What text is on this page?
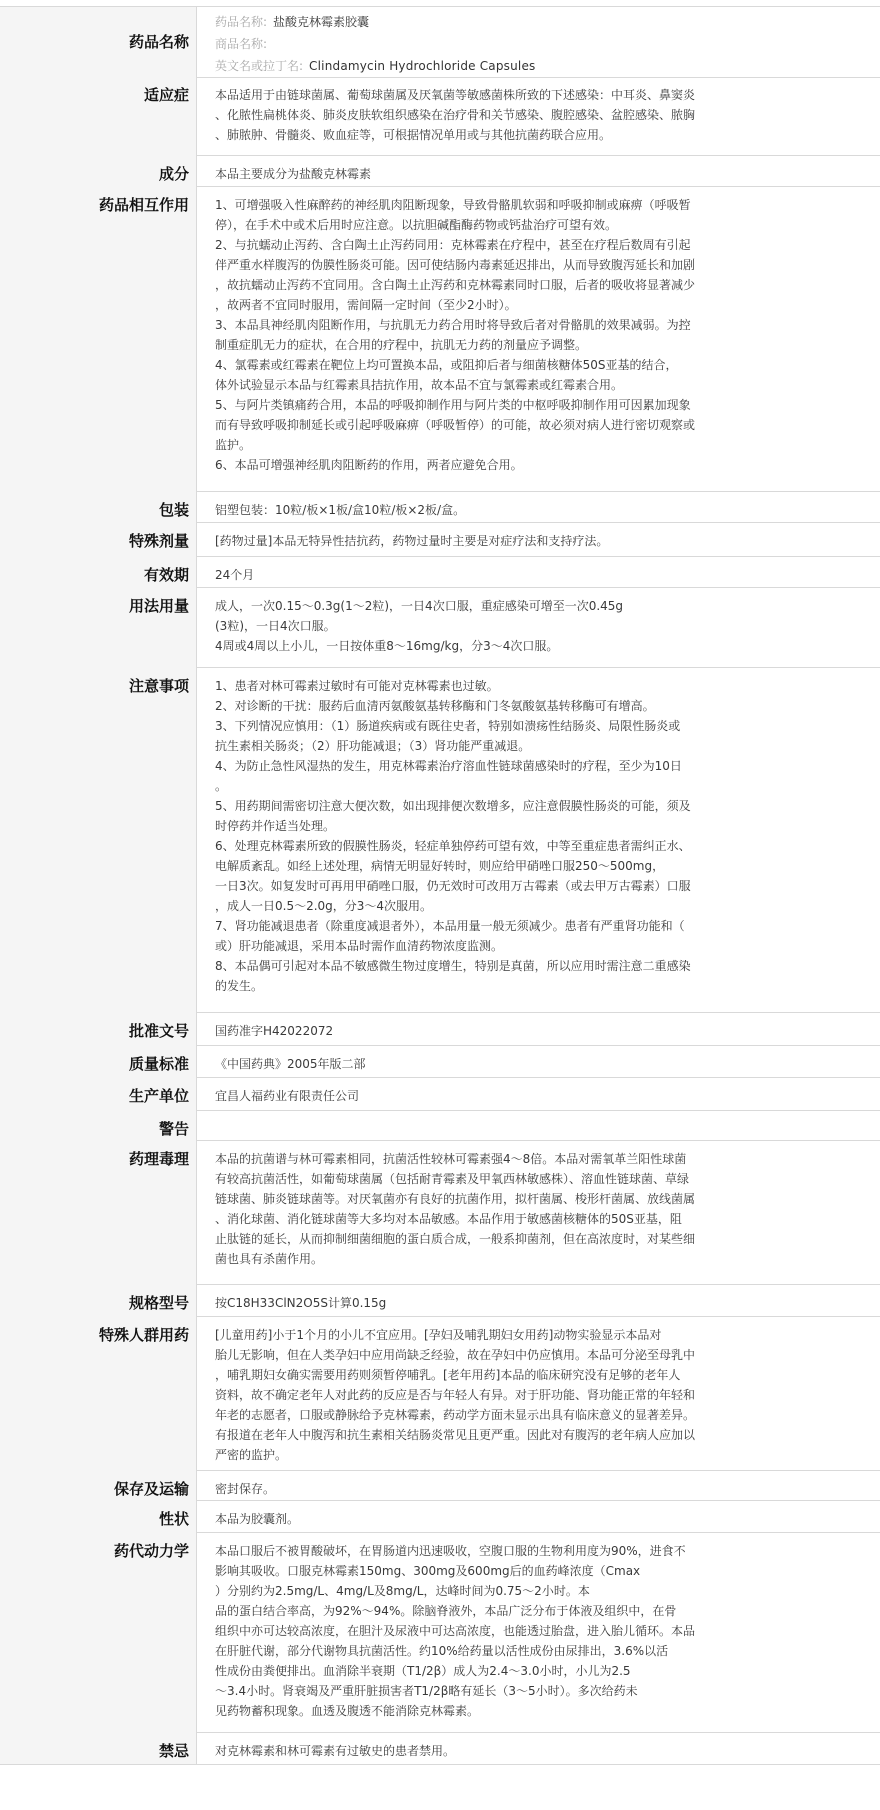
药品名称
药品名称: 盐酸克林霉素胶囊
商品名称:
英文名或拉丁名: Clindamycin Hydrochloride Capsules
适应症	本品适用于由链球菌属、葡萄球菌属及厌氧菌等敏感菌株所致的下述感染：中耳炎、鼻窦炎
、化脓性扁桃体炎、肺炎皮肤软组织感染在治疗骨和关节感染、腹腔感染、盆腔感染、脓胸
、肺脓肿、骨髓炎、败血症等，可根据情况单用或与其他抗菌药联合应用。
成分	本品主要成分为盐酸克林霉素
药品相互作用	1、可增强吸入性麻醉药的神经肌肉阻断现象，导致骨骼肌软弱和呼吸抑制或麻痹（呼吸暂
停），在手术中或术后用时应注意。以抗胆碱酯酶药物或钙盐治疗可望有效。
2、与抗蠕动止泻药、含白陶土止泻药同用：克林霉素在疗程中，甚至在疗程后数周有引起
伴严重水样腹泻的伪膜性肠炎可能。因可使结肠内毒素延迟排出，从而导致腹泻延长和加剧
，故抗蠕动止泻药不宜同用。含白陶土止泻药和克林霉素同时口服，后者的吸收将显著减少
，故两者不宜同时服用，需间隔一定时间（至少2小时）。
3、本品具神经肌肉阻断作用，与抗肌无力药合用时将导致后者对骨骼肌的效果减弱。为控
制重症肌无力的症状，在合用的疗程中，抗肌无力药的剂量应予调整。
4、氯霉素或红霉素在靶位上均可置换本品，或阻抑后者与细菌核糖体50S亚基的结合，
体外试验显示本品与红霉素具拮抗作用，故本品不宜与氯霉素或红霉素合用。
5、与阿片类镇痛药合用，本品的呼吸抑制作用与阿片类的中枢呼吸抑制作用可因累加现象
而有导致呼吸抑制延长或引起呼吸麻痹（呼吸暂停）的可能，故必须对病人进行密切观察或
监护。
6、本品可增强神经肌肉阻断药的作用，两者应避免合用。
包装	铝塑包装：10粒/板×1板/盒10粒/板×2板/盒。
特殊剂量	[药物过量]本品无特异性拮抗药，药物过量时主要是对症疗法和支持疗法。
有效期	24个月
用法用量	成人，一次0.15～0.3g(1～2粒)，一日4次口服，重症感染可增至一次0.45g
(3粒)，一日4次口服。
4周或4周以上小儿，一日按体重8～16mg/kg，分3～4次口服。
注意事项	1、患者对林可霉素过敏时有可能对克林霉素也过敏。
2、对诊断的干扰：服药后血清丙氨酸氨基转移酶和门冬氨酸氨基转移酶可有增高。
3、下列情况应慎用：（1）肠道疾病或有既往史者，特别如溃疡性结肠炎、局限性肠炎或
抗生素相关肠炎；（2）肝功能减退；（3）肾功能严重减退。
4、为防止急性风湿热的发生，用克林霉素治疗溶血性链球菌感染时的疗程，至少为10日
。
5、用药期间需密切注意大便次数，如出现排便次数增多，应注意假膜性肠炎的可能，须及
时停药并作适当处理。
6、处理克林霉素所致的假膜性肠炎，轻症单独停药可望有效，中等至重症患者需纠正水、
电解质紊乱。如经上述处理，病情无明显好转时，则应给甲硝唑口服250～500mg，
一日3次。如复发时可再用甲硝唑口服，仍无效时可改用万古霉素（或去甲万古霉素）口服
，成人一日0.5～2.0g，分3～4次服用。
7、肾功能减退患者（除重度减退者外），本品用量一般无须减少。患者有严重肾功能和（
或）肝功能减退，采用本品时需作血清药物浓度监测。
8、本品偶可引起对本品不敏感微生物过度增生，特别是真菌，所以应用时需注意二重感染
的发生。
批准文号	国药准字H42022072
质量标准	《中国药典》2005年版二部
生产单位	宜昌人福药业有限责任公司
警告
药理毒理	本品的抗菌谱与林可霉素相同，抗菌活性较林可霉素强4～8倍。本品对需氧革兰阳性球菌
有较高抗菌活性，如葡萄球菌属（包括耐青霉素及甲氧西林敏感株）、溶血性链球菌、草绿
链球菌、肺炎链球菌等。对厌氧菌亦有良好的抗菌作用，拟杆菌属、梭形杆菌属、放线菌属
、消化球菌、消化链球菌等大多均对本品敏感。本品作用于敏感菌核糖体的50S亚基，阻
止肽链的延长，从而抑制细菌细胞的蛋白质合成，一般系抑菌剂，但在高浓度时，对某些细
菌也具有杀菌作用。
规格型号	按C18H33ClN2O5S计算0.15g
特殊人群用药	[儿童用药]小于1个月的小儿不宜应用。[孕妇及哺乳期妇女用药]动物实验显示本品对
胎儿无影响，但在人类孕妇中应用尚缺乏经验，故在孕妇中仍应慎用。本品可分泌至母乳中
，哺乳期妇女确实需要用药则须暂停哺乳。[老年用药]本品的临床研究没有足够的老年人
资料，故不确定老年人对此药的反应是否与年轻人有异。对于肝功能、肾功能正常的年轻和
年老的志愿者，口服或静脉给予克林霉素，药动学方面未显示出具有临床意义的显著差异。
有报道在老年人中腹泻和抗生素相关结肠炎常见且更严重。因此对有腹泻的老年病人应加以
严密的监护。
保存及运输	密封保存。
性状	本品为胶囊剂。
药代动力学	本品口服后不被胃酸破坏，在胃肠道内迅速吸收，空腹口服的生物利用度为90%，进食不
影响其吸收。口服克林霉素150mg、300mg及600mg后的血药峰浓度（Cmax
）分别约为2.5mg/L、4mg/L及8mg/L，达峰时间为0.75～2小时。本
品的蛋白结合率高，为92%～94%。除脑脊液外，本品广泛分布于体液及组织中，在骨
组织中亦可达较高浓度，在胆汁及尿液中可达高浓度，也能透过胎盘，进入胎儿循环。本品
在肝脏代谢，部分代谢物具抗菌活性。约10%给药量以活性成份由尿排出，3.6%以活
性成份由粪便排出。血消除半衰期（T1/2β）成人为2.4～3.0小时，小儿为2.5
～3.4小时。肾衰竭及严重肝脏损害者T1/2β略有延长（3～5小时）。多次给药未
见药物蓄积现象。血透及腹透不能消除克林霉素。
禁忌	对克林霉素和林可霉素有过敏史的患者禁用。
